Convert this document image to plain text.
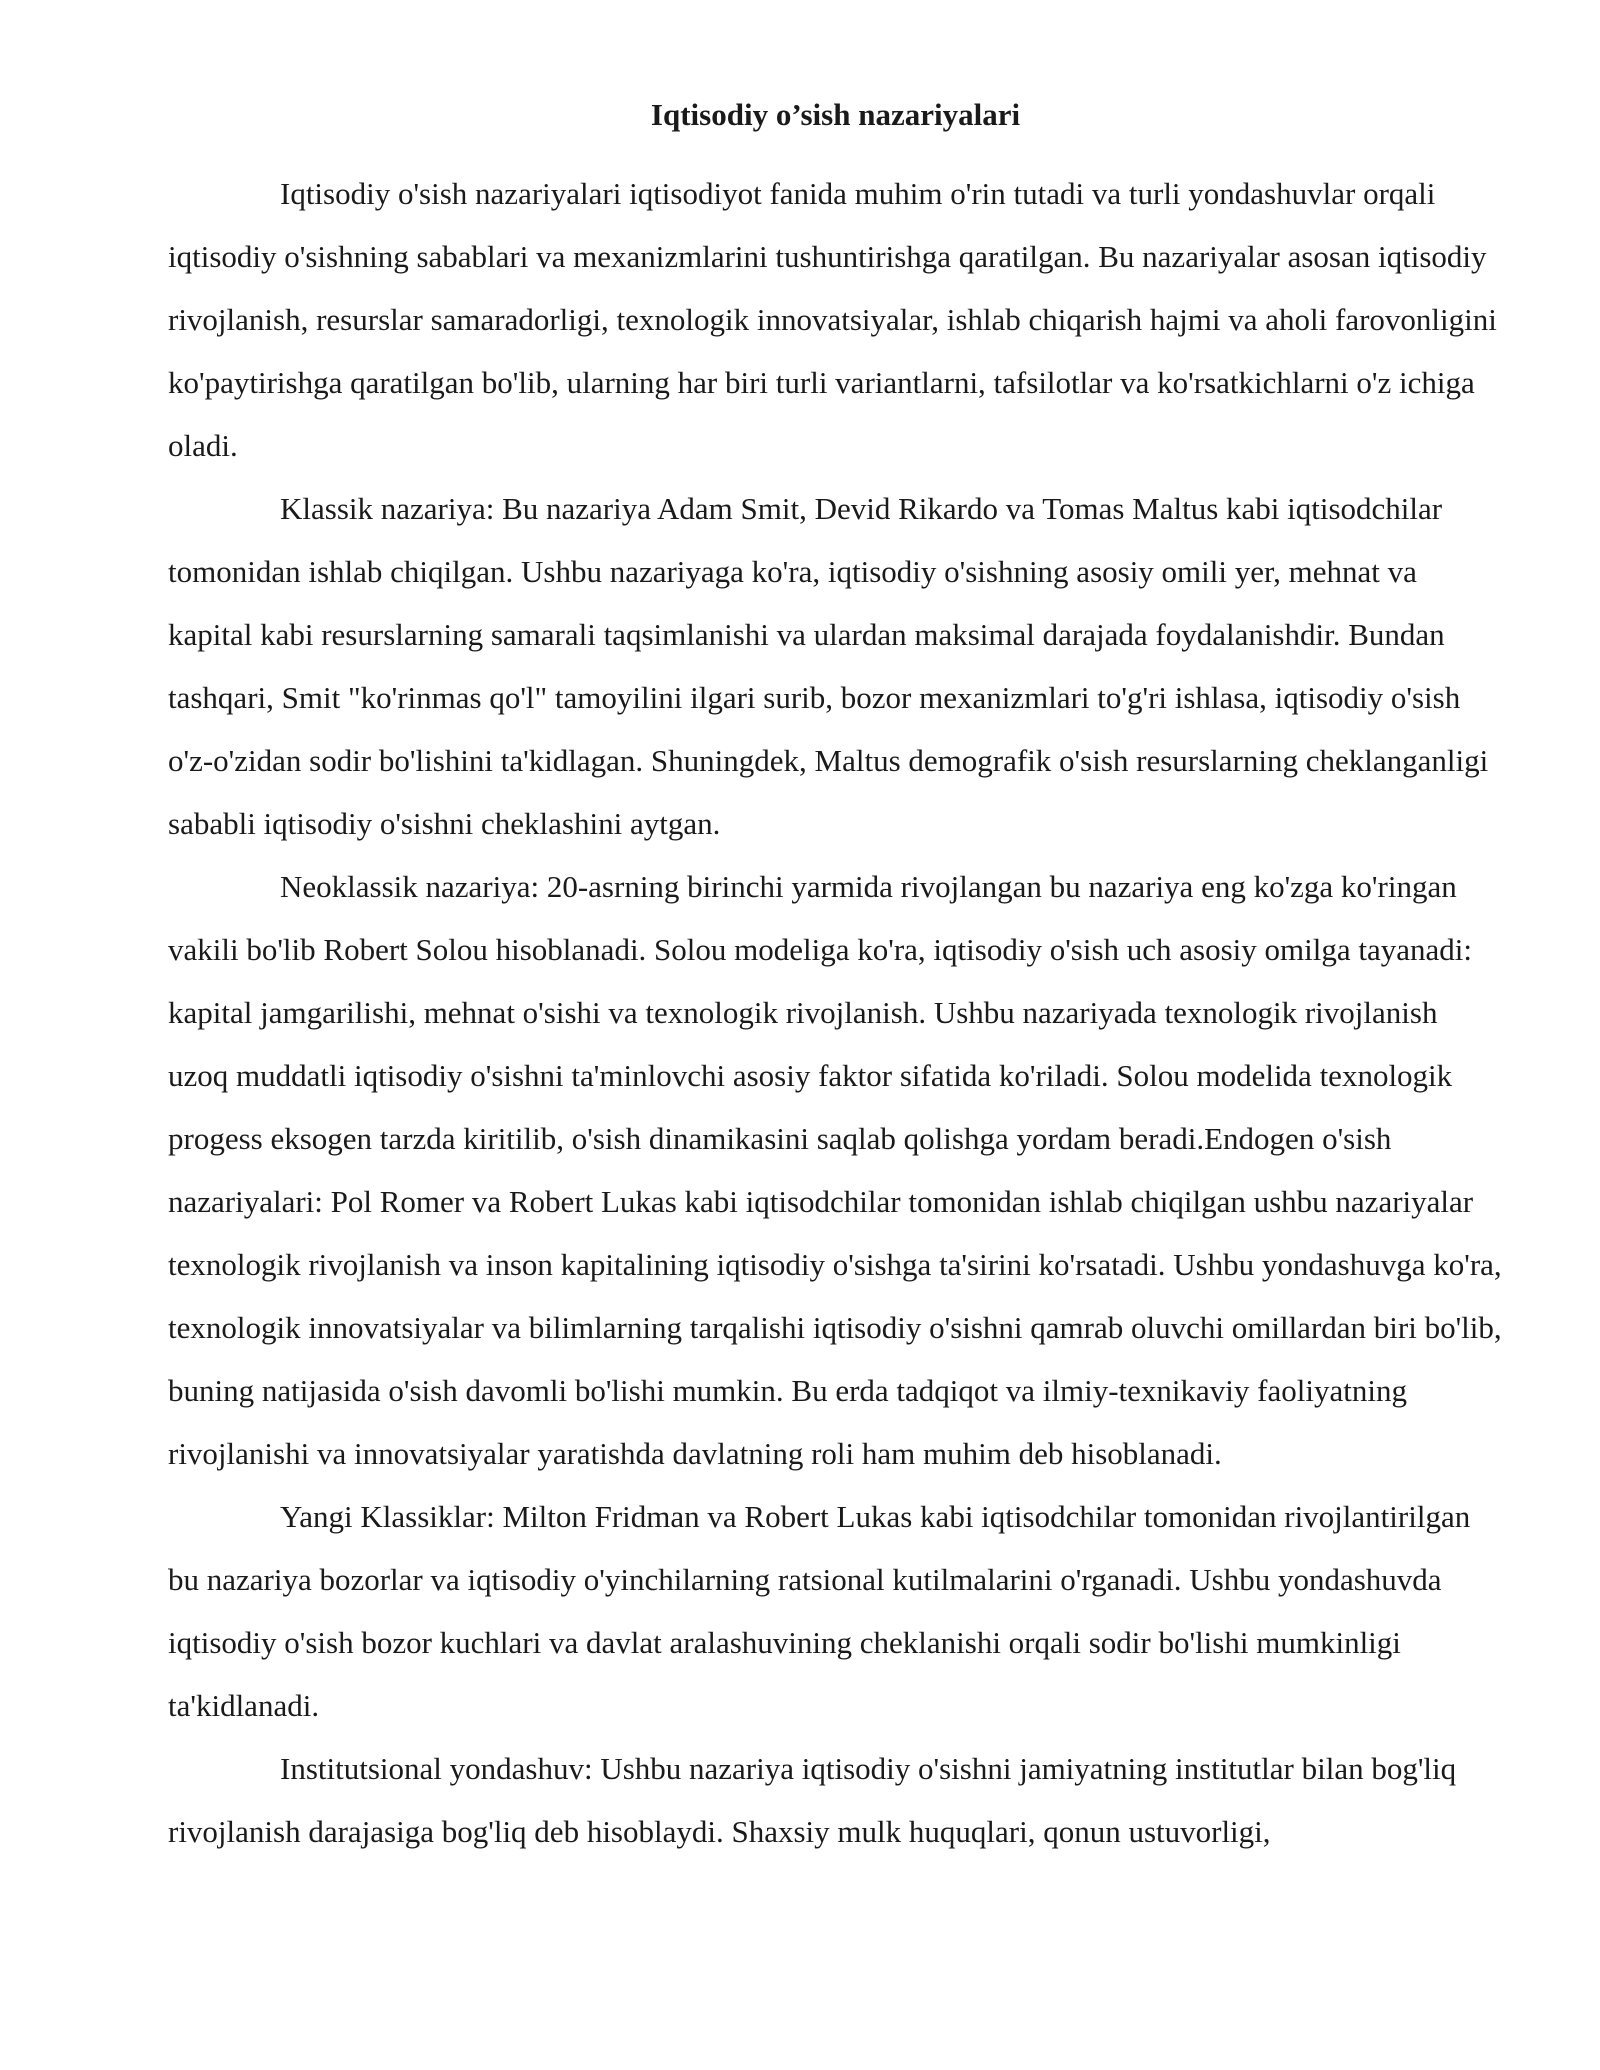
Iqtisodiy o’sish nazariyalari

Iqtisodiy o'sish nazariyalari iqtisodiyot fanida muhim o'rin tutadi va turli yondashuvlar orqali iqtisodiy o'sishning sabablari va mexanizmlarini tushuntirishga qaratilgan. Bu nazariyalar asosan iqtisodiy rivojlanish, resurslar samaradorligi, texnologik innovatsiyalar, ishlab chiqarish hajmi va aholi farovonligini ko'paytirishga qaratilgan bo'lib, ularning har biri turli variantlarni, tafsilotlar va ko'rsatkichlarni o'z ichiga oladi.

Klassik nazariya: Bu nazariya Adam Smit, Devid Rikardo va Tomas Maltus kabi iqtisodchilar tomonidan ishlab chiqilgan. Ushbu nazariyaga ko'ra, iqtisodiy o'sishning asosiy omili yer, mehnat va kapital kabi resurslarning samarali taqsimlanishi va ulardan maksimal darajada foydalanishdir. Bundan tashqari, Smit "ko'rinmas qo'l" tamoyilini ilgari surib, bozor mexanizmlari to'g'ri ishlasa, iqtisodiy o'sish o'z-o'zidan sodir bo'lishini ta'kidlagan. Shuningdek, Maltus demografik o'sish resurslarning cheklanganligi sababli iqtisodiy o'sishni cheklashini aytgan.

Neoklassik nazariya: 20-asrning birinchi yarmida rivojlangan bu nazariya eng ko'zga ko'ringan vakili bo'lib Robert Solou hisoblanadi. Solou modeliga ko'ra, iqtisodiy o'sish uch asosiy omilga tayanadi: kapital jamgarilishi, mehnat o'sishi va texnologik rivojlanish. Ushbu nazariyada texnologik rivojlanish uzoq muddatli iqtisodiy o'sishni ta'minlovchi asosiy faktor sifatida ko'riladi. Solou modelida texnologik progess eksogen tarzda kiritilib, o'sish dinamikasini saqlab qolishga yordam beradi.Endogen o'sish nazariyalari: Pol Romer va Robert Lukas kabi iqtisodchilar tomonidan ishlab chiqilgan ushbu nazariyalar texnologik rivojlanish va inson kapitalining iqtisodiy o'sishga ta'sirini ko'rsatadi. Ushbu yondashuvga ko'ra, texnologik innovatsiyalar va bilimlarning tarqalishi iqtisodiy o'sishni qamrab oluvchi omillardan biri bo'lib, buning natijasida o'sish davomli bo'lishi mumkin. Bu erda tadqiqot va ilmiy-texnikaviy faoliyatning rivojlanishi va innovatsiyalar yaratishda davlatning roli ham muhim deb hisoblanadi.

Yangi Klassiklar: Milton Fridman va Robert Lukas kabi iqtisodchilar tomonidan rivojlantirilgan bu nazariya bozorlar va iqtisodiy o'yinchilarning ratsional kutilmalarini o'rganadi. Ushbu yondashuvda iqtisodiy o'sish bozor kuchlari va davlat aralashuvining cheklanishi orqali sodir bo'lishi mumkinligi ta'kidlanadi.

Institutsional yondashuv: Ushbu nazariya iqtisodiy o'sishni jamiyatning institutlar bilan bog'liq rivojlanish darajasiga bog'liq deb hisoblaydi. Shaxsiy mulk huquqlari, qonun ustuvorligi,
